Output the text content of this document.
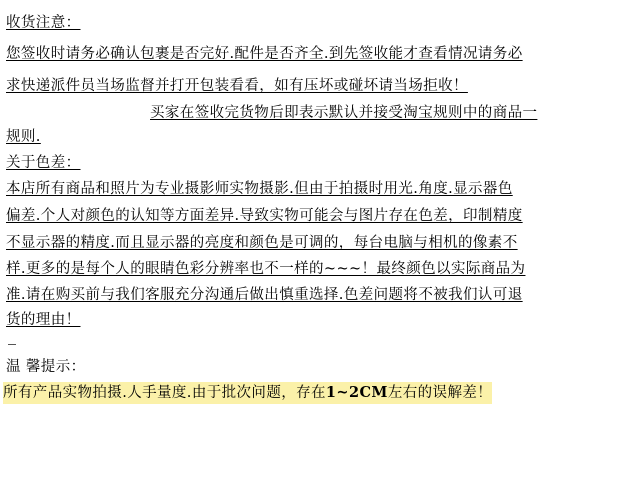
收货注意：
您签收时请务必确认包裹是否完好.配件是否齐全.到先签收能才查看情况请务必
求快递派件员当场监督并打开包装看看，如有压坏或碰坏请当场拒收！
买家在签收完货物后即表示默认并接受淘宝规则中的商品一
规则.
关于色差：
本店所有商品和照片为专业摄影师实物摄影.但由于拍摄时用光.角度.显示器色
偏差.个人对颜色的认知等方面差异.导致实物可能会与图片存在色差，印制精度
不显示器的精度.而且显示器的亮度和颜色是可调的，每台电脑与相机的像素不
样.更多的是每个人的眼睛色彩分辨率也不一样的~~~！最终颜色以实际商品为
准.请在购买前与我们客服充分沟通后做出慎重选择.色差问题将不被我们认可退
货的理由！
温 馨提示：
所有产品实物拍摄.人手量度.由于批次问题，存在1~2CM左右的误解差！
